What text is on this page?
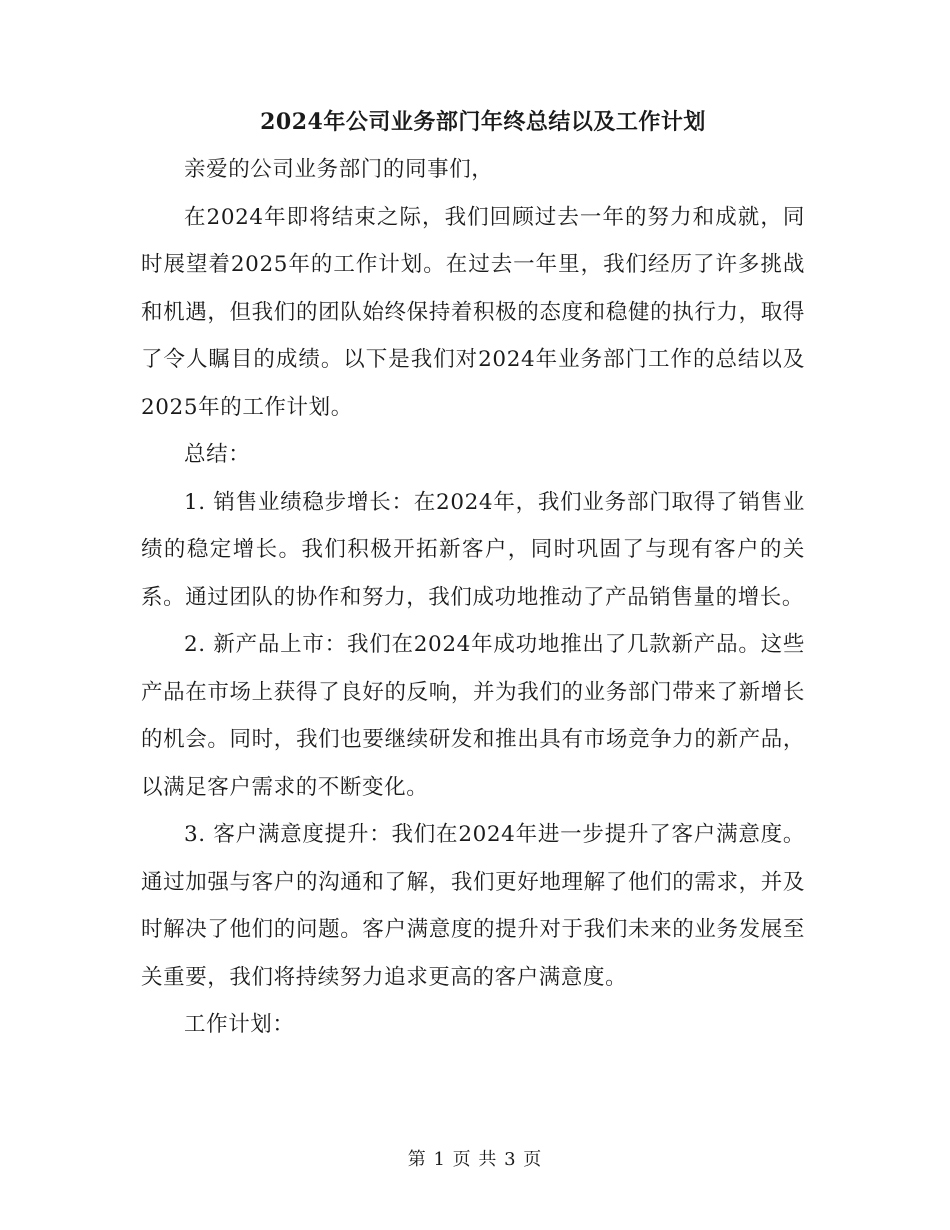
2024年公司业务部门年终总结以及工作计划

亲爱的公司业务部门的同事们，

在2024年即将结束之际，我们回顾过去一年的努力和成就，同时展望着2025年的工作计划。在过去一年里，我们经历了许多挑战和机遇，但我们的团队始终保持着积极的态度和稳健的执行力，取得了令人瞩目的成绩。以下是我们对2024年业务部门工作的总结以及2025年的工作计划。

总结：

1. 销售业绩稳步增长：在2024年，我们业务部门取得了销售业绩的稳定增长。我们积极开拓新客户，同时巩固了与现有客户的关系。通过团队的协作和努力，我们成功地推动了产品销售量的增长。

2. 新产品上市：我们在2024年成功地推出了几款新产品。这些产品在市场上获得了良好的反响，并为我们的业务部门带来了新增长的机会。同时，我们也要继续研发和推出具有市场竞争力的新产品，以满足客户需求的不断变化。

3. 客户满意度提升：我们在2024年进一步提升了客户满意度。通过加强与客户的沟通和了解，我们更好地理解了他们的需求，并及时解决了他们的问题。客户满意度的提升对于我们未来的业务发展至关重要，我们将持续努力追求更高的客户满意度。

工作计划：

第 1 页 共 3 页
